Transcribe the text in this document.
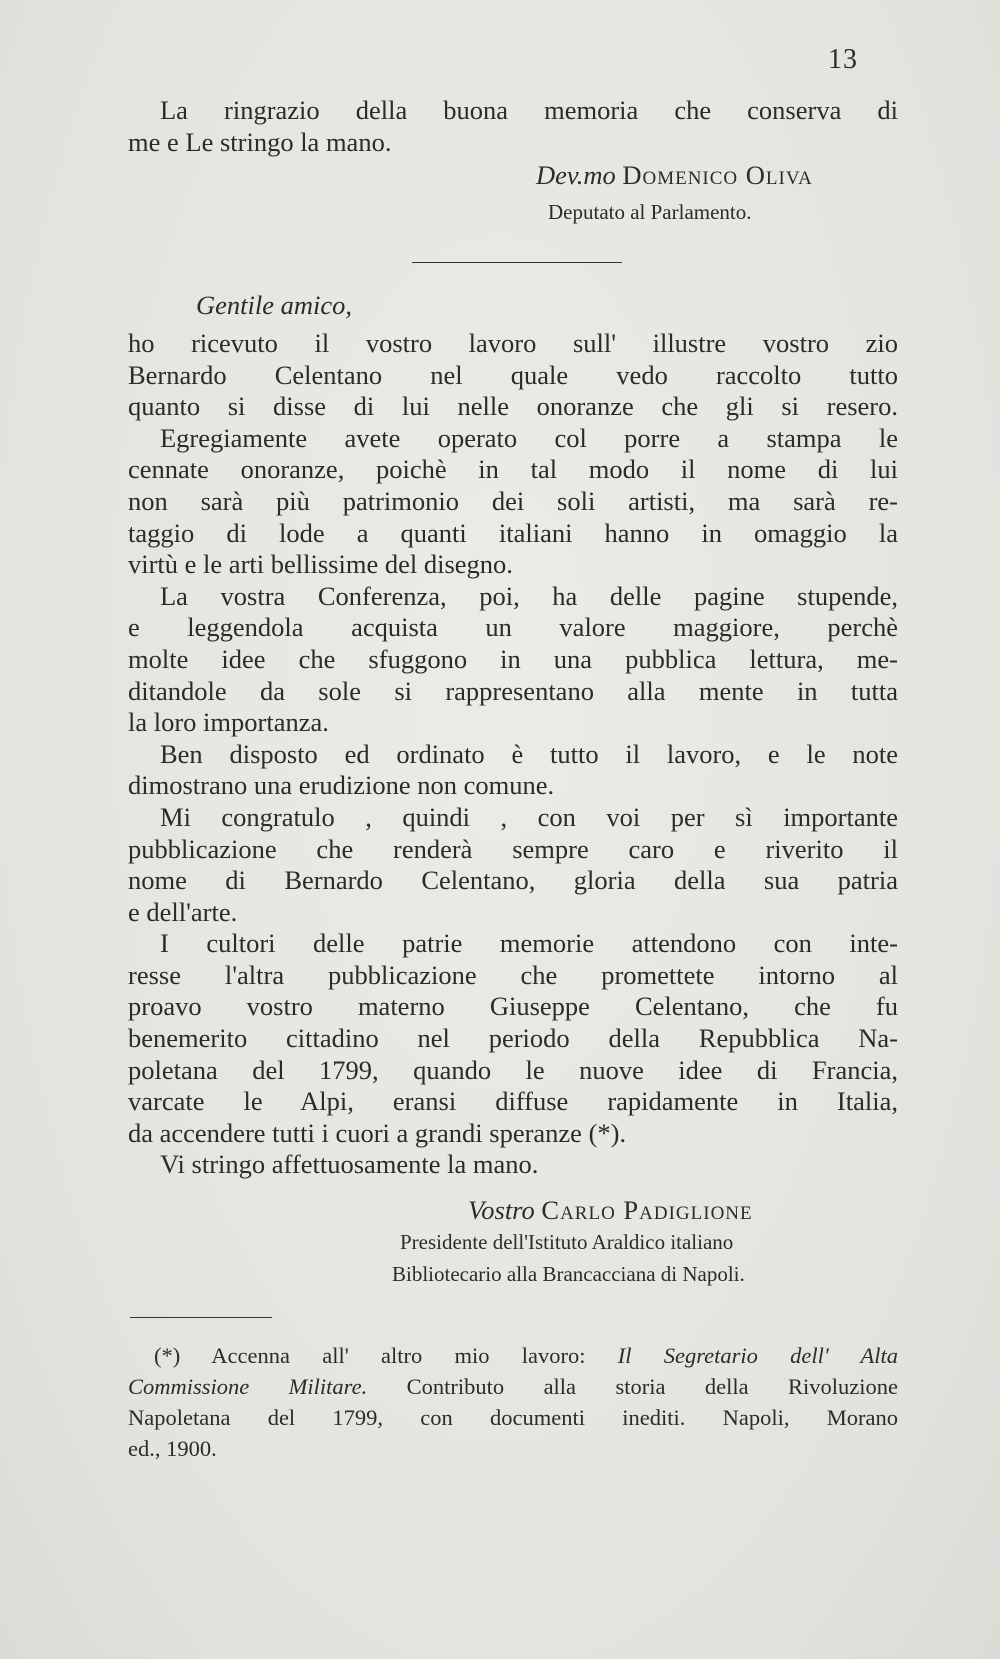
13
La ringrazio della buona memoria che conserva di
me e Le stringo la mano.
Dev.mo Domenico Oliva
Deputato al Parlamento.
Gentile amico,
ho ricevuto il vostro lavoro sull' illustre vostro zio
Bernardo Celentano nel quale vedo raccolto tutto
quanto si disse di lui nelle onoranze che gli si resero.
Egregiamente avete operato col porre a stampa le
cennate onoranze, poichè in tal modo il nome di lui
non sarà più patrimonio dei soli artisti, ma sarà re-
taggio di lode a quanti italiani hanno in omaggio la
virtù e le arti bellissime del disegno.
La vostra Conferenza, poi, ha delle pagine stupende,
e leggendola acquista un valore maggiore, perchè
molte idee che sfuggono in una pubblica lettura, me-
ditandole da sole si rappresentano alla mente in tutta
la loro importanza.
Ben disposto ed ordinato è tutto il lavoro, e le note
dimostrano una erudizione non comune.
Mi congratulo , quindi , con voi per sì importante
pubblicazione che renderà sempre caro e riverito il
nome di Bernardo Celentano, gloria della sua patria
e dell'arte.
I cultori delle patrie memorie attendono con inte-
resse l'altra pubblicazione che promettete intorno al
proavo vostro materno Giuseppe Celentano, che fu
benemerito cittadino nel periodo della Repubblica Na-
poletana del 1799, quando le nuove idee di Francia,
varcate le Alpi, eransi diffuse rapidamente in Italia,
da accendere tutti i cuori a grandi speranze (*).
Vi stringo affettuosamente la mano.
Vostro Carlo Padiglione
Presidente dell'Istituto Araldico italiano
Bibliotecario alla Brancacciana di Napoli.
(*) Accenna all' altro mio lavoro: Il Segretario dell' Alta
Commissione Militare. Contributo alla storia della Rivoluzione
Napoletana del 1799, con documenti inediti. Napoli, Morano
ed., 1900.
